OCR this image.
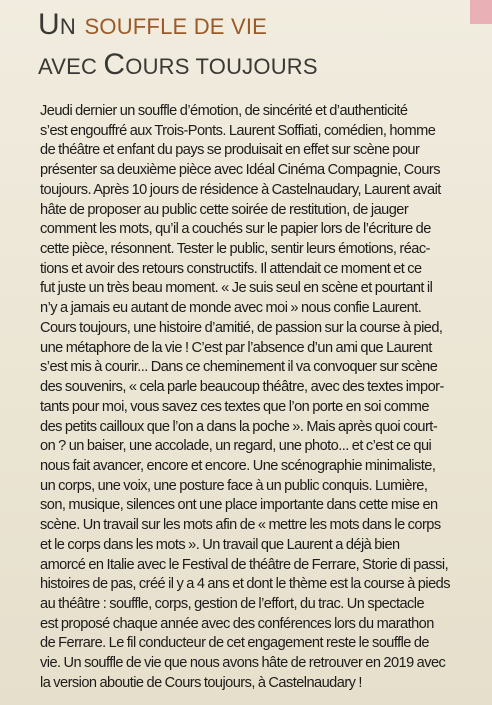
UN SOUFFLE DE VIE
AVEC COURS TOUJOURS
Jeudi dernier un souffle d’émotion, de sincérité et d’authenticité
s’est engouffré aux Trois-Ponts. Laurent Soffiati, comédien, homme
de théâtre et enfant du pays se produisait en effet sur scène pour
présenter sa deuxième pièce avec Idéal Cinéma Compagnie, Cours
toujours. Après 10 jours de résidence à Castelnaudary, Laurent avait
hâte de proposer au public cette soirée de restitution, de jauger
comment les mots, qu’il a couchés sur le papier lors de l’écriture de
cette pièce, résonnent. Tester le public, sentir leurs émotions, réac-
tions et avoir des retours constructifs. Il attendait ce moment et ce
fut juste un très beau moment. « Je suis seul en scène et pourtant il
n’y a jamais eu autant de monde avec moi » nous confie Laurent.
Cours toujours, une histoire d’amitié, de passion sur la course à pied,
une métaphore de la vie ! C’est par l’absence d’un ami que Laurent
s’est mis à courir... Dans ce cheminement il va convoquer sur scène
des souvenirs, « cela parle beaucoup théâtre, avec des textes impor-
tants pour moi, vous savez ces textes que l’on porte en soi comme
des petits cailloux que l’on a dans la poche ». Mais après quoi court-
on ? un baiser, une accolade, un regard, une photo... et c’est ce qui
nous fait avancer, encore et encore. Une scénographie minimaliste,
un corps, une voix, une posture face à un public conquis. Lumière,
son, musique, silences ont une place importante dans cette mise en
scène. Un travail sur les mots afin de « mettre les mots dans le corps
et le corps dans les mots ». Un travail que Laurent a déjà bien
amorcé en Italie avec le Festival de théâtre de Ferrare, Storie di passi,
histoires de pas, créé il y a 4 ans et dont le thème est la course à pieds
au théâtre : souffle, corps, gestion de l’effort, du trac. Un spectacle
est proposé chaque année avec des conférences lors du marathon
de Ferrare. Le fil conducteur de cet engagement reste le souffle de
vie. Un souffle de vie que nous avons hâte de retrouver en 2019 avec
la version aboutie de Cours toujours, à Castelnaudary !
